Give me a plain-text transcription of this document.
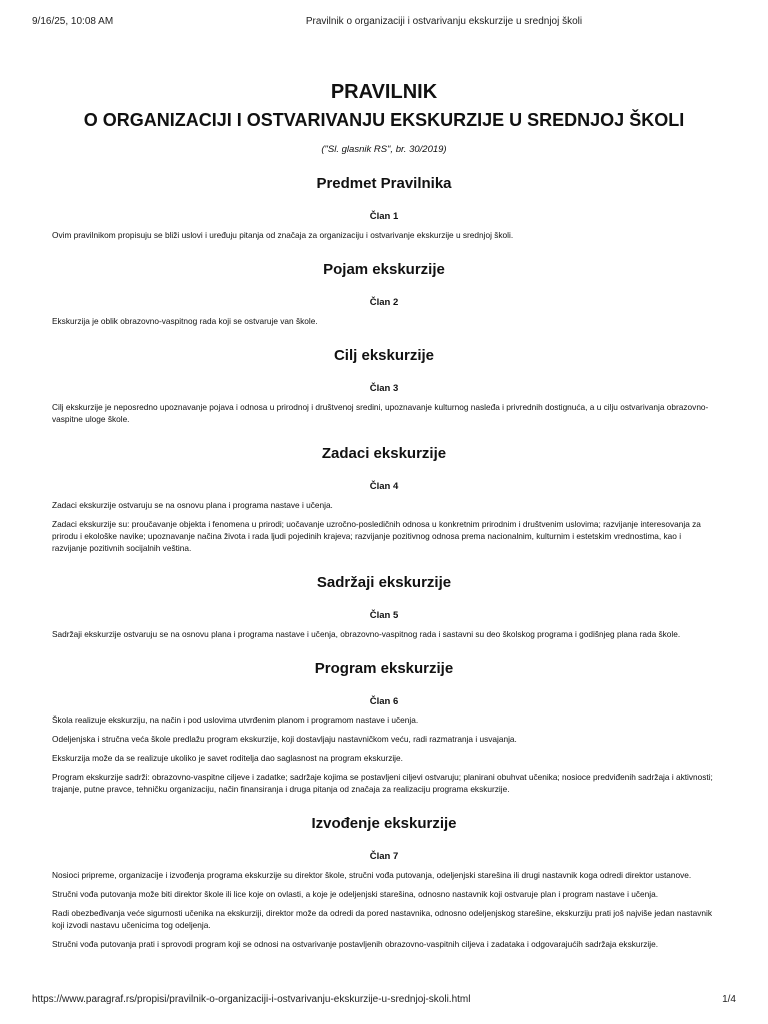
9/16/25, 10:08 AM	Pravilnik o organizaciji i ostvarivanju ekskurzije u srednjoj školi
PRAVILNIK
O ORGANIZACIJI I OSTVARIVANJU EKSKURZIJE U SREDNJOJ ŠKOLI

("Sl. glasnik RS", br. 30/2019)

Predmet Pravilnika

Član 1

Ovim pravilnikom propisuju se bliži uslovi i uređuju pitanja od značaja za organizaciju i ostvarivanje ekskurzije u srednjoj školi.

Pojam ekskurzije

Član 2

Ekskurzija je oblik obrazovno-vaspitnog rada koji se ostvaruje van škole.

Cilj ekskurzije

Član 3

Cilj ekskurzije je neposredno upoznavanje pojava i odnosa u prirodnoj i društvenoj sredini, upoznavanje kulturnog nasleđa i privrednih dostignuća, a u cilju ostvarivanja obrazovno-vaspitne uloge škole.

Zadaci ekskurzije

Član 4

Zadaci ekskurzije ostvaruju se na osnovu plana i programa nastave i učenja.

Zadaci ekskurzije su: proučavanje objekta i fenomena u prirodi; uočavanje uzročno-posledičnih odnosa u konkretnim prirodnim i društvenim uslovima; razvijanje interesovanja za prirodu i ekološke navike; upoznavanje načina života i rada ljudi pojedinih krajeva; razvijanje pozitivnog odnosa prema nacionalnim, kulturnim i estetskim vrednostima, kao i razvijanje pozitivnih socijalnih veština.

Sadržaji ekskurzije

Član 5

Sadržaji ekskurzije ostvaruju se na osnovu plana i programa nastave i učenja, obrazovno-vaspitnog rada i sastavni su deo školskog programa i godišnjeg plana rada škole.

Program ekskurzije

Član 6

Škola realizuje ekskurziju, na način i pod uslovima utvrđenim planom i programom nastave i učenja.

Odeljenjska i stručna veća škole predlažu program ekskurzije, koji dostavljaju nastavničkom veću, radi razmatranja i usvajanja.

Ekskurzija može da se realizuje ukoliko je savet roditelja dao saglasnost na program ekskurzije.

Program ekskurzije sadrži: obrazovno-vaspitne ciljeve i zadatke; sadržaje kojima se postavljeni ciljevi ostvaruju; planirani obuhvat učenika; nosioce predviđenih sadržaja i aktivnosti; trajanje, putne pravce, tehničku organizaciju, način finansiranja i druga pitanja od značaja za realizaciju programa ekskurzije.

Izvođenje ekskurzije

Član 7

Nosioci pripreme, organizacije i izvođenja programa ekskurzije su direktor škole, stručni vođa putovanja, odeljenjski starešina ili drugi nastavnik koga odredi direktor ustanove.

Stručni vođa putovanja može biti direktor škole ili lice koje on ovlasti, a koje je odeljenjski starešina, odnosno nastavnik koji ostvaruje plan i program nastave i učenja.

Radi obezbeđivanja veće sigurnosti učenika na ekskurziji, direktor može da odredi da pored nastavnika, odnosno odeljenjskog starešine, ekskurziju prati još najviše jedan nastavnik koji izvodi nastavu učenicima tog odeljenja.

Stručni vođa putovanja prati i sprovodi program koji se odnosi na ostvarivanje postavljenih obrazovno-vaspitnih ciljeva i zadataka i odgovarajućih sadržaja ekskurzije.

https://www.paragraf.rs/propisi/pravilnik-o-organizaciji-i-ostvarivanju-ekskurzije-u-srednjoj-skoli.html	1/4
